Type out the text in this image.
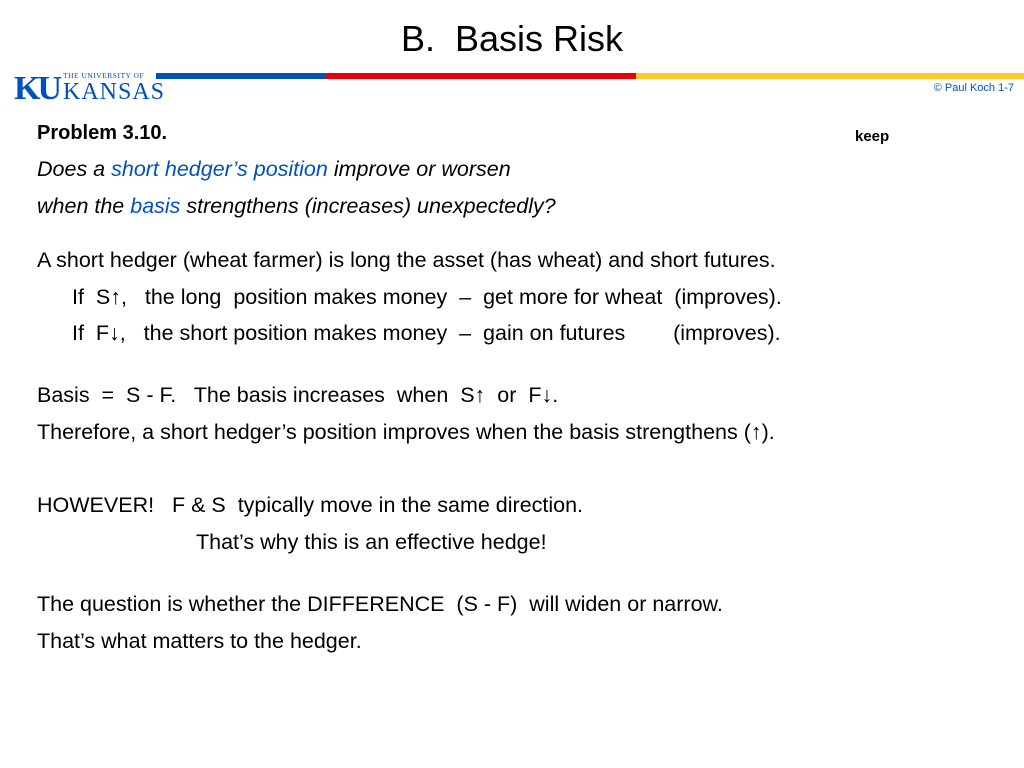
B.  Basis Risk
KU THE UNIVERSITY OF
KANSAS	© Paul Koch 1-7
Problem 3.10.	keep
Does a short hedger’s position improve or worsen
when the basis strengthens (increases) unexpectedly?
A short hedger (wheat farmer) is long the asset (has wheat) and short futures.
If  S↑,   the long  position makes money  –  get more for wheat  (improves).
If  F↓,   the short position makes money  –  gain on futures        (improves).
Basis  =  S - F.   The basis increases  when  S↑  or  F↓.
Therefore, a short hedger’s position improves when the basis strengthens (↑).
HOWEVER!   F & S  typically move in the same direction.
That’s why this is an effective hedge!
The question is whether the DIFFERENCE  (S - F)  will widen or narrow.
That’s what matters to the hedger.
